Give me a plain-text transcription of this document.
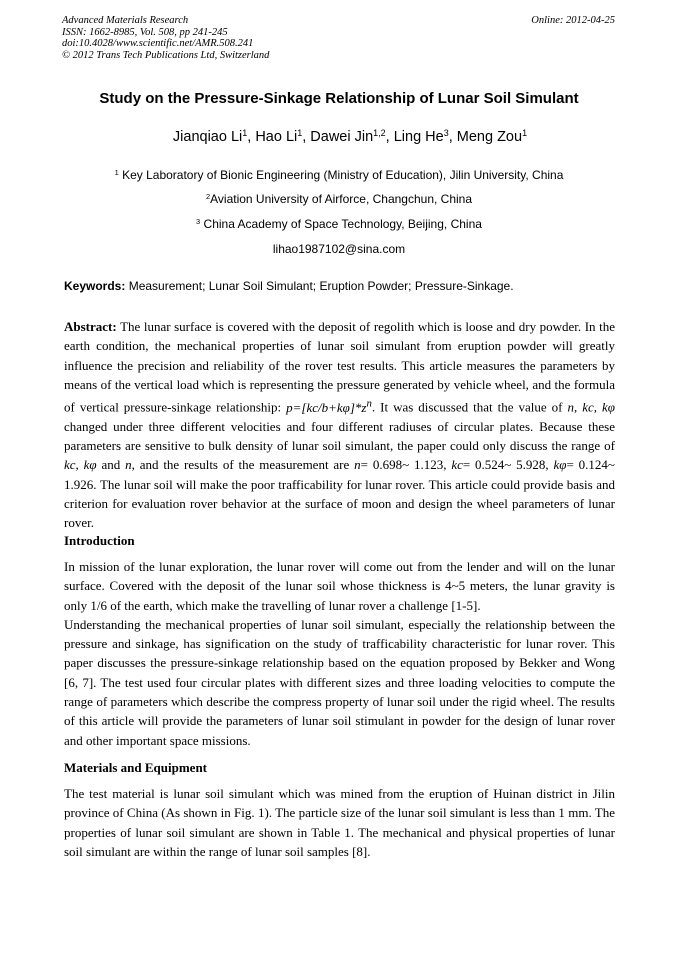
Advanced Materials Research
ISSN: 1662-8985, Vol. 508, pp 241-245
doi:10.4028/www.scientific.net/AMR.508.241
© 2012 Trans Tech Publications Ltd, Switzerland
Online: 2012-04-25
Study on the Pressure-Sinkage Relationship of Lunar Soil Simulant
Jianqiao Li$^1$, Hao Li$^1$, Dawei Jin$^{1,2}$, Ling He$^3$, Meng Zou$^1$
$^1$ Key Laboratory of Bionic Engineering (Ministry of Education), Jilin University, China
$^2$Aviation University of Airforce, Changchun, China
$^3$ China Academy of Space Technology, Beijing, China
lihao1987102@sina.com
Keywords: Measurement; Lunar Soil Simulant; Eruption Powder; Pressure-Sinkage.

Abstract: The lunar surface is covered with the deposit of regolith which is loose and dry powder. In the earth condition, the mechanical properties of lunar soil simulant from eruption powder will greatly influence the precision and reliability of the rover test results. This article measures the parameters by means of the vertical load which is representing the pressure generated by vehicle wheel, and the formula of vertical pressure-sinkage relationship: $p=[kc/b+k\varphi]*z^n$. It was discussed that the value of n, kc, kφ changed under three different velocities and four different radiuses of circular plates. Because these parameters are sensitive to bulk density of lunar soil simulant, the paper could only discuss the range of kc, kφ and n, and the results of the measurement are n= 0.698~ 1.123, kc= 0.524~ 5.928, kφ= 0.124~ 1.926. The lunar soil will make the poor trafficability for lunar rover. This article could provide basis and criterion for evaluation rover behavior at the surface of moon and design the wheel parameters of lunar rover.

Introduction

In mission of the lunar exploration, the lunar rover will come out from the lender and will on the lunar surface. Covered with the deposit of the lunar soil whose thickness is 4~5 meters, the lunar gravity is only 1/6 of the earth, which make the travelling of lunar rover a challenge [1-5].

Understanding the mechanical properties of lunar soil simulant, especially the relationship between the pressure and sinkage, has signification on the study of trafficability characteristic for lunar rover. This paper discusses the pressure-sinkage relationship based on the equation proposed by Bekker and Wong [6, 7]. The test used four circular plates with different sizes and three loading velocities to compute the range of parameters which describe the compress property of lunar soil under the rigid wheel. The results of this article will provide the parameters of lunar soil stimulant in powder for the design of lunar rover and other important space missions.

Materials and Equipment

The test material is lunar soil simulant which was mined from the eruption of Huinan district in Jilin province of China (As shown in Fig. 1). The particle size of the lunar soil simulant is less than 1 mm. The properties of lunar soil simulant are shown in Table 1. The mechanical and physical properties of lunar soil simulant are within the range of lunar soil samples [8].
